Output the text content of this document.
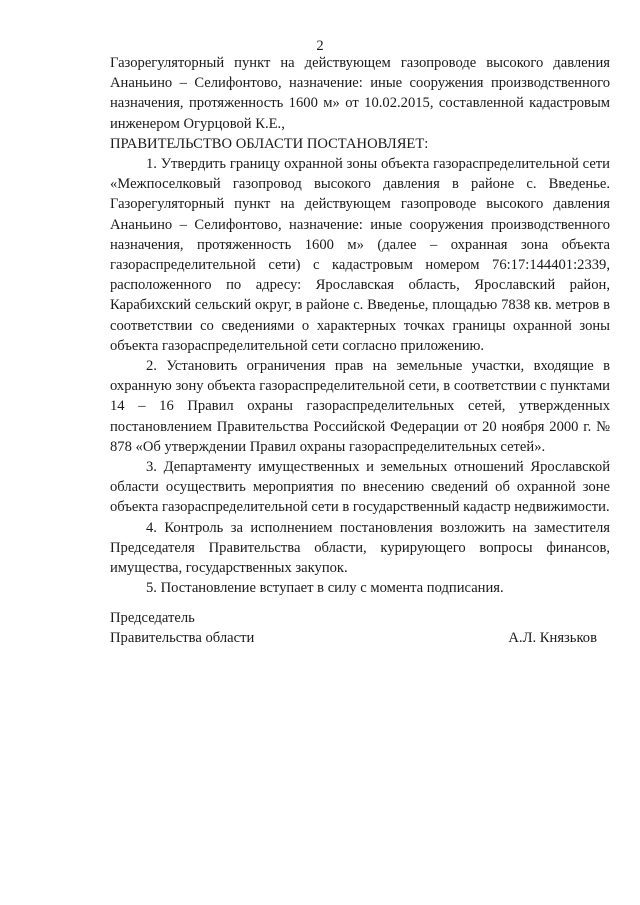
2

Газорегуляторный пункт на действующем газопроводе высокого давления Ананьино – Селифонтово, назначение: иные сооружения производственного назначения, протяженность 1600 м» от 10.02.2015, составленной кадастровым инженером Огурцовой К.Е.,

ПРАВИТЕЛЬСТВО ОБЛАСТИ ПОСТАНОВЛЯЕТ:

1. Утвердить границу охранной зоны объекта газораспределительной сети «Межпоселковый газопровод высокого давления в районе с. Введенье. Газорегуляторный пункт на действующем газопроводе высокого давления Ананьино – Селифонтово, назначение: иные сооружения производственного назначения, протяженность 1600 м» (далее – охранная зона объекта газораспределительной сети) с кадастровым номером 76:17:144401:2339, расположенного по адресу: Ярославская область, Ярославский район, Карабихский сельский округ, в районе с. Введенье, площадью 7838 кв. метров в соответствии со сведениями о характерных точках границы охранной зоны объекта газораспределительной сети согласно приложению.

2. Установить ограничения прав на земельные участки, входящие в охранную зону объекта газораспределительной сети, в соответствии с пунктами 14 – 16 Правил охраны газораспределительных сетей, утвержденных постановлением Правительства Российской Федерации от 20 ноября 2000 г. № 878 «Об утверждении Правил охраны газораспределительных сетей».

3. Департаменту имущественных и земельных отношений Ярославской области осуществить мероприятия по внесению сведений об охранной зоне объекта газораспределительной сети в государственный кадастр недвижимости.

4. Контроль за исполнением постановления возложить на заместителя Председателя Правительства области, курирующего вопросы финансов, имущества, государственных закупок.

5. Постановление вступает в силу с момента подписания.

Председатель
Правительства области	А.Л. Князьков
